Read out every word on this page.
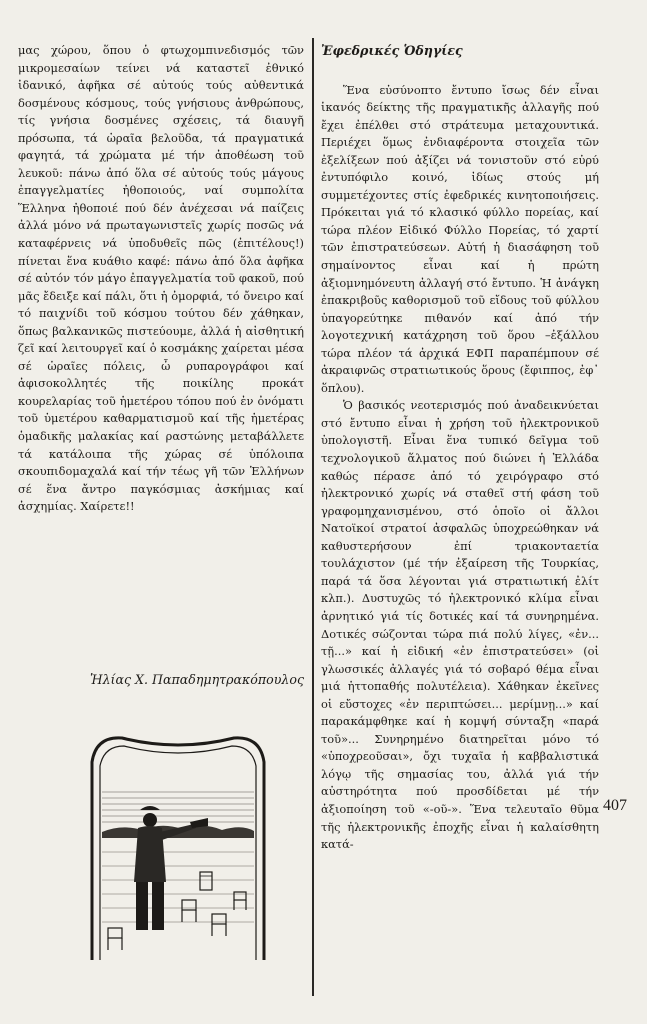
μας χώρου, ὅπου ὁ φτωχομπινεδισμός τῶν μικρομεσαίων τείνει νά καταστεῖ ἐθνικό ἰδανικό, ἀφῆκα σέ αὐτούς τούς αὐθεντικά δοσμένους κόσμους, τούς γνήσιους ἀνθρώπους, τίς γνήσια δοσμένες σχέσεις, τά διαυγῆ πρόσωπα, τά ὡραῖα βελοῦδα, τά πραγματικά φαγητά, τά χρώματα μέ τήν ἀποθέωση τοῦ λευκοῦ: πάνω ἀπό ὅλα σέ αὐτούς τούς μάγους ἐπαγγελματίες ἠθοποιούς, ναί συμπολίτα Ἕλληνα ἠθοποιέ πού δέν ἀνέχεσαι νά παίζεις ἀλλά μόνο νά πρωταγωνιστεῖς χωρίς ποσῶς νά καταφέρνεις νά ὑποδυθεῖς πῶς (ἐπιτέλους!) πίνεται ἕνα κυάθιο καφέ: πάνω ἀπό ὅλα ἀφῆκα σέ αὐτόν τόν μάγο ἐπαγγελματία τοῦ φακοῦ, πού μᾶς ἔδειξε καί πάλι, ὅτι ἡ ὀμορφιά, τό ὄνειρο καί τό παιχνίδι τοῦ κόσμου τούτου δέν χάθηκαν, ὅπως βαλκανικῶς πιστεύουμε, ἀλλά ἡ αἰσθητική ζεῖ καί λειτουργεῖ καί ὁ κοσμάκης χαίρεται μέσα σέ ὡραῖες πόλεις, ὦ ρυπαρογράφοι καί ἀφισοκολλητές τῆς ποικίλης προκάτ κουρελαρίας τοῦ ἡμετέρου τόπου πού ἐν ὀνόματι τοῦ ὑμετέρου καθαρματισμοῦ καί τῆς ἡμετέρας ὁμαδικῆς μαλακίας καί ραστώνης μεταβάλλετε τά κατάλοιπα τῆς χώρας σέ ὑπόλοιπα σκουπιδομαχαλά καί τήν τέως γῆ τῶν Ἑλλήνων σέ ἕνα ἄντρο παγκόσμιας ἀσκήμιας καί ἀσχημίας. Χαίρετε!!

Ἠλίας Χ. Παπαδημητρακόπουλος
Ἐφεδρικές Ὁδηγίες

Ἕνα εὐσύνοπτο ἔντυπο ἴσως δέν εἶναι ἱκανός δείκτης τῆς πραγματικῆς ἀλλαγῆς πού ἔχει ἐπέλθει στό στράτευμα μεταχουντικά. Περιέχει ὅμως ἐνδιαφέροντα στοιχεῖα τῶν ἐξελίξεων πού ἀξίζει νά τονιστοῦν στό εὐρύ ἐντυπόφιλο κοινό, ἰδίως στούς μή συμμετέχοντες στίς ἐφεδρικές κινητοποιήσεις. Πρόκειται γιά τό κλασικό φύλλο πορείας, καί τώρα πλέον Εἰδικό Φύλλο Πορείας, τό χαρτί τῶν ἐπιστρατεύσεων. Αὐτή ἡ διασάφηση τοῦ σημαίνοντος εἶναι καί ἡ πρώτη ἀξιομνημόνευτη ἀλλαγή στό ἔντυπο. Ἡ ἀνάγκη ἐπακριβοῦς καθορισμοῦ τοῦ εἴδους τοῦ φύλλου ὑπαγορεύτηκε πιθανόν καί ἀπό τήν λογοτεχνική κατάχρηση τοῦ ὅρου –ἐξάλλου τώρα πλέον τά ἀρχικά ΕΦΠ παραπέμπουν σέ ἀκραιφνῶς στρατιωτικούς ὅρους (ἔφιππος, ἐφ᾿ ὅπλου).

Ὁ βασικός νεοτερισμός πού ἀναδεικνύεται στό ἔντυπο εἶναι ἡ χρήση τοῦ ἠλεκτρονικοῦ ὑπολογιστῆ. Εἶναι ἕνα τυπικό δεῖγμα τοῦ τεχνολογικοῦ ἅλματος πού διώνει ἡ Ἑλλάδα καθώς πέρασε ἀπό τό χειρόγραφο στό ἠλεκτρονικό χωρίς νά σταθεῖ στή φάση τοῦ γραφομηχανισμένου, στό ὁποῖο οἱ ἄλλοι Νατοϊκοί στρατοί ἀσφαλῶς ὑποχρεώθηκαν νά καθυστερήσουν ἐπί τριακονταετία τουλάχιστον (μέ τήν ἐξαίρεση τῆς Τουρκίας, παρά τά ὅσα λέγονται γιά στρατιωτική ἐλίτ κλπ.). Δυστυχῶς τό ἠλεκτρονικό κλίμα εἶναι ἀρνητικό γιά τίς δοτικές καί τά συνηρημένα. Δοτικές σώζονται τώρα πιά πολύ λίγες, «ἐν... τῇ...» καί ἡ εἰδική «ἐν ἐπιστρατεύσει» (οἱ γλωσσικές ἀλλαγές γιά τό σοβαρό θέμα εἶναι μιά ἡττοπαθής πολυτέλεια). Χάθηκαν ἐκεῖνες οἱ εὔστοχες «ἐν περιπτώσει... μερίμνῃ...» καί παρακάμφθηκε καί ἡ κομψή σύνταξη «παρά τοῦ»... Συνηρημένο διατηρεῖται μόνο τό «ὑποχρεοῦσαι», ὄχι τυχαῖα ἡ καββαλιστικά λόγῳ τῆς σημασίας του, ἀλλά γιά τήν αὐστηρότητα πού προσδίδεται μέ τήν ἀξιοποίηση τοῦ «-οῦ-». Ἕνα τελευταῖο θῦμα τῆς ἠλεκτρονικῆς ἐποχῆς εἶναι ἡ καλαίσθητη κατά-

407
